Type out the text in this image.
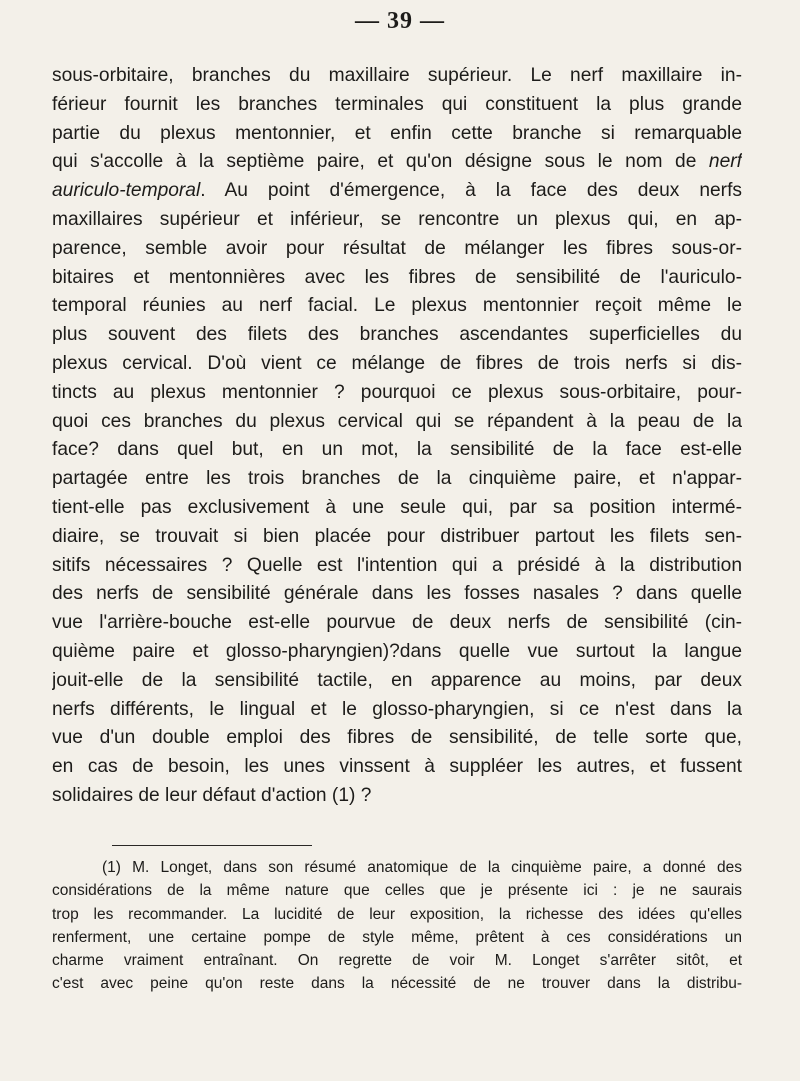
— 39 —
sous-orbitaire, branches du maxillaire supérieur. Le nerf maxillaire in-
férieur fournit les branches terminales qui constituent la plus grande
partie du plexus mentonnier, et enfin cette branche si remarquable
qui s'accolle à la septième paire, et qu'on désigne sous le nom de nerf
auriculo-temporal. Au point d'émergence, à la face des deux nerfs
maxillaires supérieur et inférieur, se rencontre un plexus qui, en ap-
parence, semble avoir pour résultat de mélanger les fibres sous-or-
bitaires et mentonnières avec les fibres de sensibilité de l'auriculo-
temporal réunies au nerf facial. Le plexus mentonnier reçoit même le
plus souvent des filets des branches ascendantes superficielles du
plexus cervical. D'où vient ce mélange de fibres de trois nerfs si dis-
tincts au plexus mentonnier ? pourquoi ce plexus sous-orbitaire, pour-
quoi ces branches du plexus cervical qui se répandent à la peau de la
face? dans quel but, en un mot, la sensibilité de la face est-elle
partagée entre les trois branches de la cinquième paire, et n'appar-
tient-elle pas exclusivement à une seule qui, par sa position intermé-
diaire, se trouvait si bien placée pour distribuer partout les filets sen-
sitifs nécessaires ? Quelle est l'intention qui a présidé à la distribution
des nerfs de sensibilité générale dans les fosses nasales ? dans quelle
vue l'arrière-bouche est-elle pourvue de deux nerfs de sensibilité (cin-
quième paire et glosso-pharyngien)?dans quelle vue surtout la langue
jouit-elle de la sensibilité tactile, en apparence au moins, par deux
nerfs différents, le lingual et le glosso-pharyngien, si ce n'est dans la
vue d'un double emploi des fibres de sensibilité, de telle sorte que,
en cas de besoin, les unes vinssent à suppléer les autres, et fussent
solidaires de leur défaut d'action (1) ?
(1) M. Longet, dans son résumé anatomique de la cinquième paire, a donné des
considérations de la même nature que celles que je présente ici : je ne saurais
trop les recommander. La lucidité de leur exposition, la richesse des idées qu'elles
renferment, une certaine pompe de style même, prêtent à ces considérations un
charme vraiment entraînant. On regrette de voir M. Longet s'arrêter sitôt, et
c'est avec peine qu'on reste dans la nécessité de ne trouver dans la distribu-
